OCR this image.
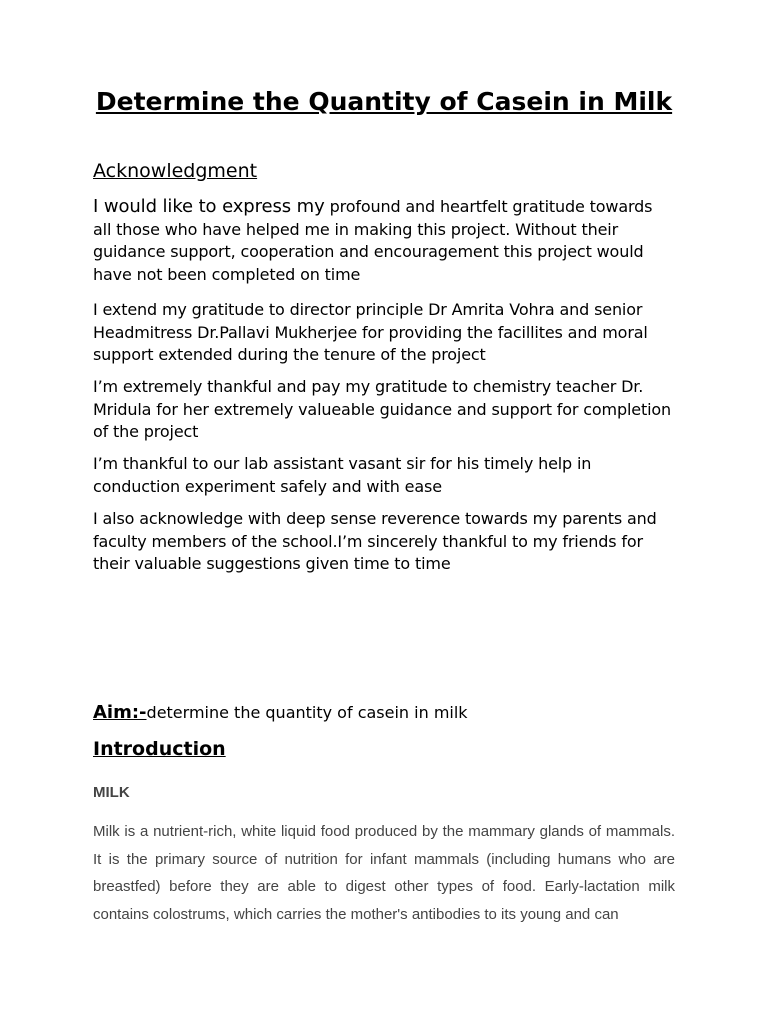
Determine the Quantity of Casein in Milk
Acknowledgment

I would like to express my profound and heartfelt gratitude towards all those who have helped me in making this project. Without their guidance support, cooperation and encouragement this project would have not been completed on time

I extend my gratitude to director principle Dr Amrita Vohra and senior Headmitress Dr.Pallavi Mukherjee for providing the facillites and moral support extended during the tenure of the project

I’m extremely thankful and pay my gratitude to chemistry teacher Dr. Mridula for her extremely valueable guidance and support for completion of the project

I’m thankful to our lab assistant vasant sir for his timely help in conduction experiment safely and with ease

I also acknowledge with deep sense reverence towards my parents and faculty members of the school.I’m sincerely thankful to my friends for their valuable suggestions given time to time

Aim:-determine the quantity of casein in milk

Introduction

MILK

Milk is a nutrient-rich, white liquid food produced by the mammary glands of mammals. It is the primary source of nutrition for infant mammals (including humans who are breastfed) before they are able to digest other types of food. Early-lactation milk contains colostrums, which carries the mother's antibodies to its young and can
